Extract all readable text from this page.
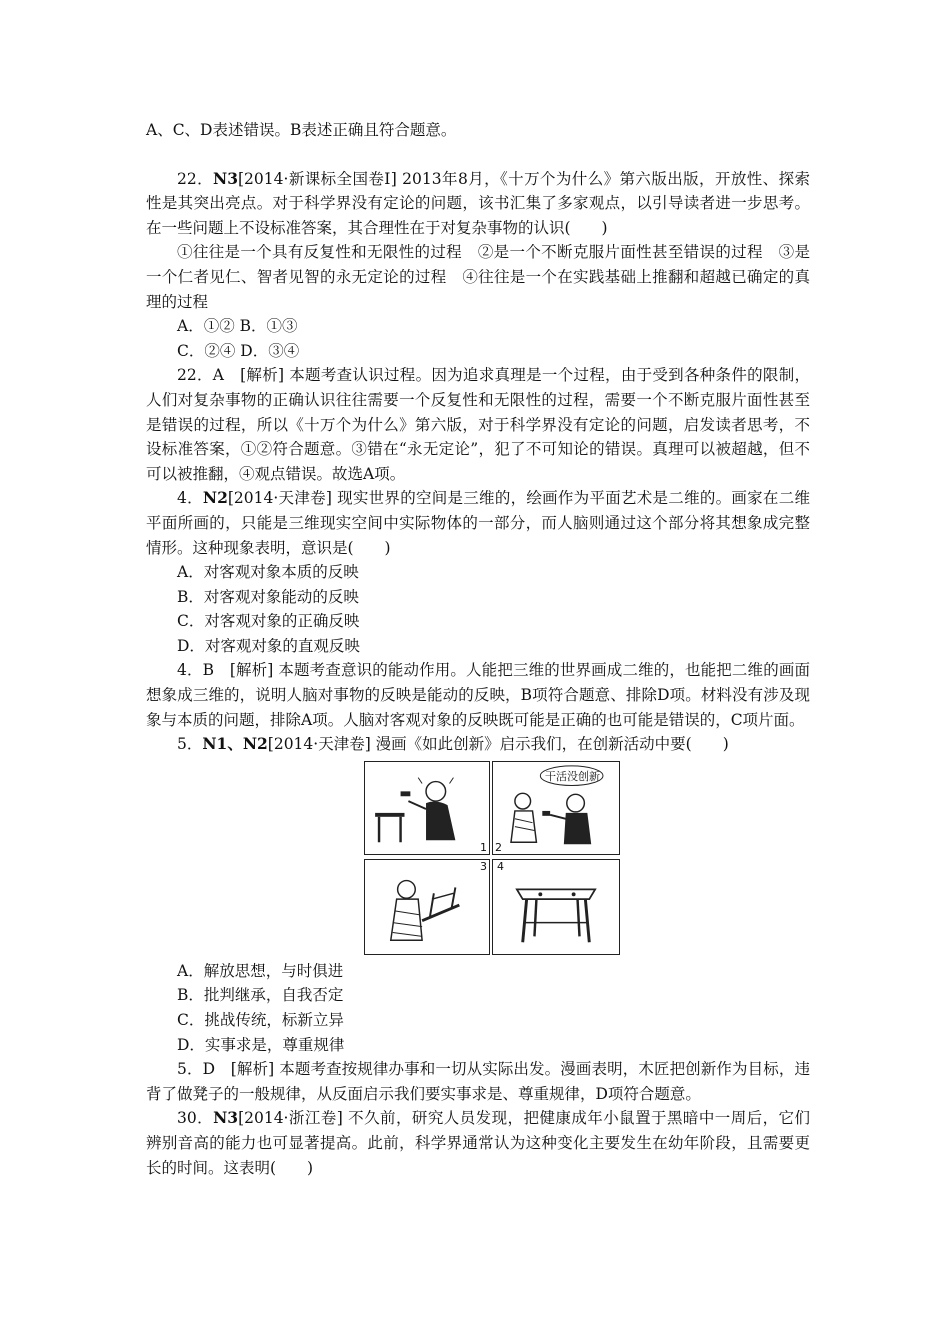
A、C、D表述错误。B表述正确且符合题意。

22．N3[2014·新课标全国卷Ⅰ] 2013年8月，《十万个为什么》第六版出版，开放性、探索性是其突出亮点。对于科学界没有定论的问题，该书汇集了多家观点，以引导读者进一步思考。在一些问题上不设标准答案，其合理性在于对复杂事物的认识(　　)

①往往是一个具有反复性和无限性的过程　②是一个不断克服片面性甚至错误的过程　③是一个仁者见仁、智者见智的永无定论的过程　④往往是一个在实践基础上推翻和超越已确定的真理的过程

A．①② B．①③

C．②④ D．③④

22．A　[解析] 本题考查认识过程。因为追求真理是一个过程，由于受到各种条件的限制，人们对复杂事物的正确认识往往需要一个反复性和无限性的过程，需要一个不断克服片面性甚至是错误的过程，所以《十万个为什么》第六版，对于科学界没有定论的问题，启发读者思考，不设标准答案，①②符合题意。③错在“永无定论”，犯了不可知论的错误。真理可以被超越，但不可以被推翻，④观点错误。故选A项。

4．N2[2014·天津卷] 现实世界的空间是三维的，绘画作为平面艺术是二维的。画家在二维平面所画的，只能是三维现实空间中实际物体的一部分，而人脑则通过这个部分将其想象成完整情形。这种现象表明，意识是(　　)

A．对客观对象本质的反映

B．对客观对象能动的反映

C．对客观对象的正确反映

D．对客观对象的直观反映

4．B　[解析] 本题考查意识的能动作用。人能把三维的世界画成二维的，也能把二维的画面想象成三维的，说明人脑对事物的反映是能动的反映，B项符合题意、排除D项。材料没有涉及现象与本质的问题，排除A项。人脑对客观对象的反映既可能是正确的也可能是错误的，C项片面。

5．N1、N2[2014·天津卷] 漫画《如此创新》启示我们，在创新活动中要(　　)

1
干活没创新
2
3 4

A．解放思想，与时俱进

B．批判继承，自我否定

C．挑战传统，标新立异

D．实事求是，尊重规律

5．D　[解析] 本题考查按规律办事和一切从实际出发。漫画表明，木匠把创新作为目标，违背了做凳子的一般规律，从反面启示我们要实事求是、尊重规律，D项符合题意。

30．N3[2014·浙江卷] 不久前，研究人员发现，把健康成年小鼠置于黑暗中一周后，它们辨别音高的能力也可显著提高。此前，科学界通常认为这种变化主要发生在幼年阶段，且需要更长的时间。这表明(　　)
